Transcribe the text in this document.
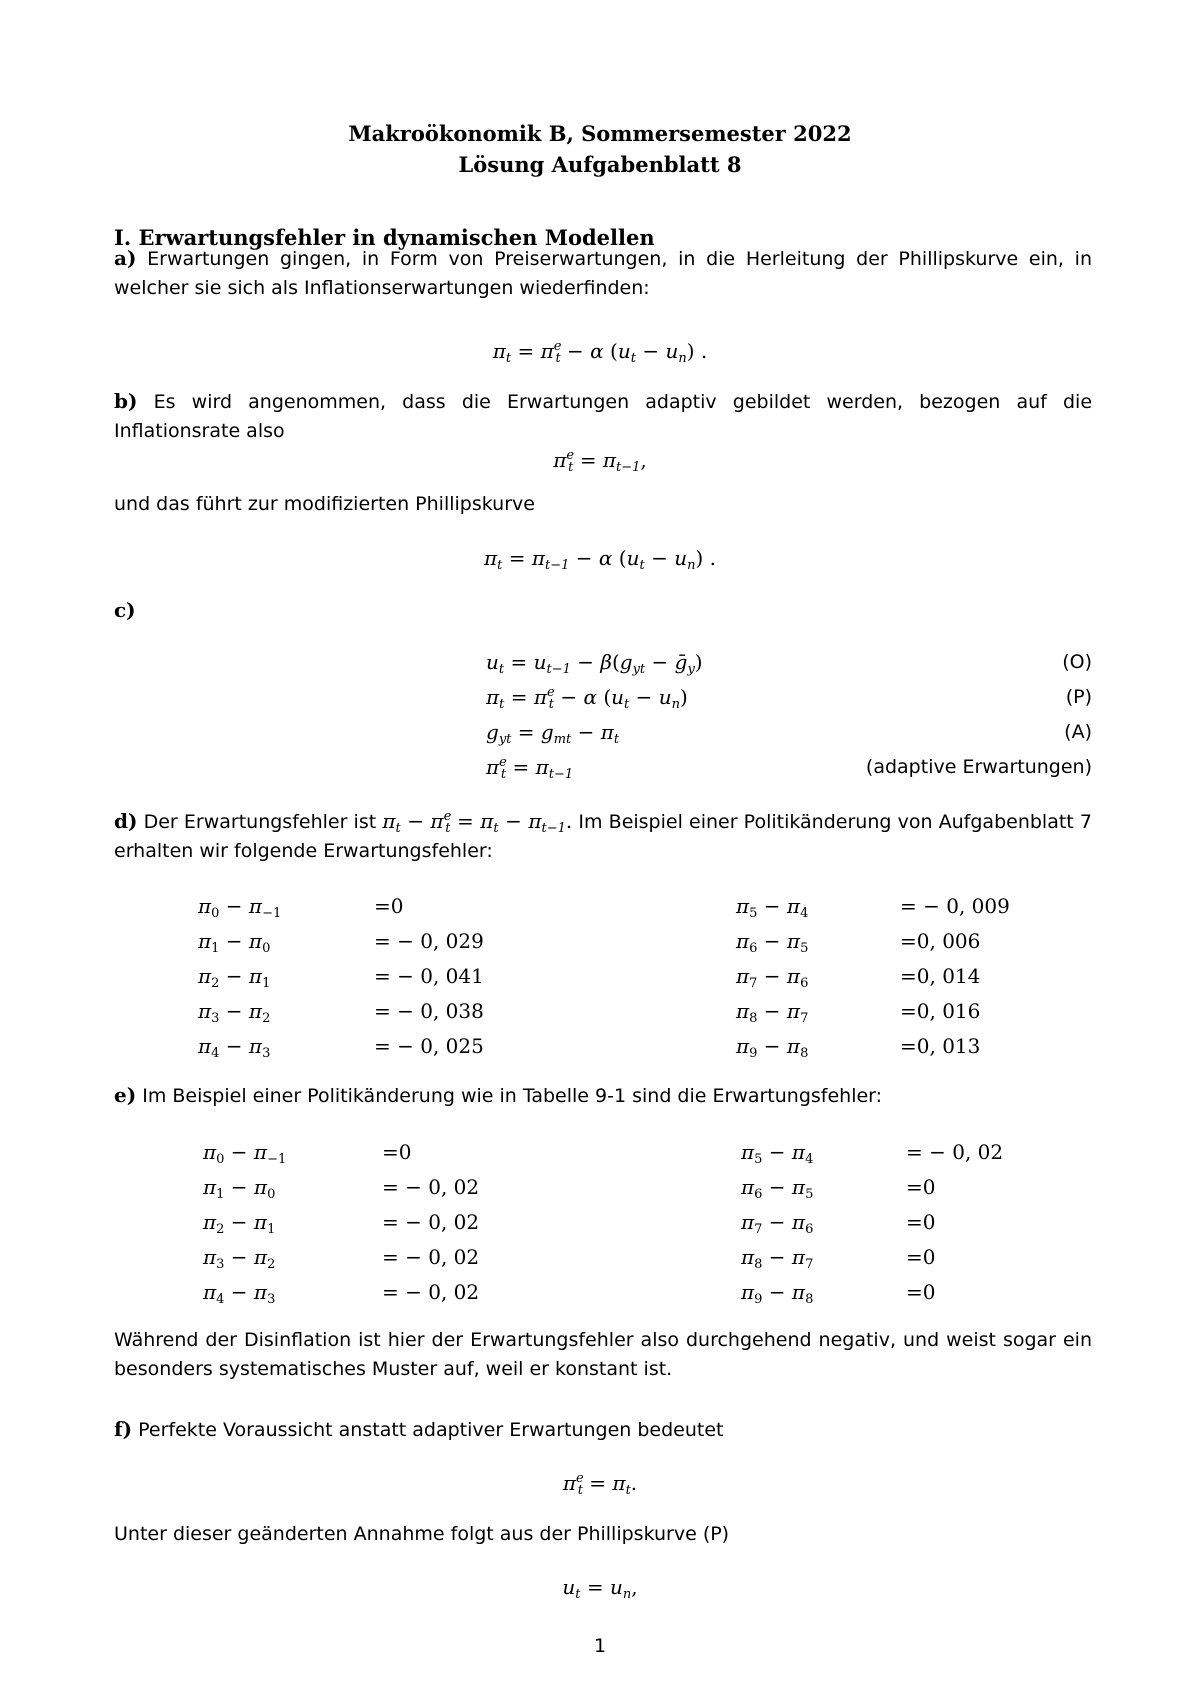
Makroökonomik B, Sommersemester 2022
Lösung Aufgabenblatt 8
I. Erwartungsfehler in dynamischen Modellen
a) Erwartungen gingen, in Form von Preiserwartungen, in die Herleitung der Phillipskurve ein, in welcher sie sich als Inflationserwartungen wiederfinden:
$\pi_t = \pi^e_t - \alpha$ $(u_t - u_n)$ .
b) Es wird angenommen, dass die Erwartungen adaptiv gebildet werden, bezogen auf die Inflationsrate also
$\pi^e_t = \pi_{t-1}$,
und das führt zur modifizierten Phillipskurve
$\pi_t = \pi_{t-1} - \alpha$ $(u_t - u_n)$ .
c)
$u_t = u_{t-1} - \beta(g_{yt}$ − ḡ$_y$)	(O)
$\pi_t = \pi^e_t - \alpha$ $(u_t - u_n)$	(P)
$g_{yt} = g_{mt} - \pi_t$	(A)
$\pi^e_t = \pi_{t-1}$	(adaptive Erwartungen)
d) Der Erwartungsfehler ist $\pi_t - \pi^e_t = \pi_t - \pi_{t-1}$. Im Beispiel einer Politikänderung von Aufgabenblatt 7 erhalten wir folgende Erwartungsfehler:
$\pi_0 - \pi_{-1}$	=0
$\pi_1 - \pi_0$	= − 0, 029
$\pi_2 - \pi_1$	= − 0, 041
$\pi_3 - \pi_2$	= − 0, 038
$\pi_4 - \pi_3$	= − 0, 025
$\pi_5 - \pi_4$	= − 0, 009
$\pi_6 - \pi_5$	=0, 006
$\pi_7 - \pi_6$	=0, 014
$\pi_8 - \pi_7$	=0, 016
$\pi_9 - \pi_8$	=0, 013
e) Im Beispiel einer Politikänderung wie in Tabelle 9-1 sind die Erwartungsfehler:
$\pi_0 - \pi_{-1}$	=0
$\pi_1 - \pi_0$	= − 0, 02
$\pi_2 - \pi_1$	= − 0, 02
$\pi_3 - \pi_2$	= − 0, 02
$\pi_4 - \pi_3$	= − 0, 02
$\pi_5 - \pi_4$	= − 0, 02
$\pi_6 - \pi_5$	=0
$\pi_7 - \pi_6$	=0
$\pi_8 - \pi_7$	=0
$\pi_9 - \pi_8$	=0
Während der Disinflation ist hier der Erwartungsfehler also durchgehend negativ, und weist sogar ein besonders systematisches Muster auf, weil er konstant ist.
f) Perfekte Voraussicht anstatt adaptiver Erwartungen bedeutet
$\pi^e_t = \pi_t$.
Unter dieser geänderten Annahme folgt aus der Phillipskurve (P)
$u_t = u_n$,
1
